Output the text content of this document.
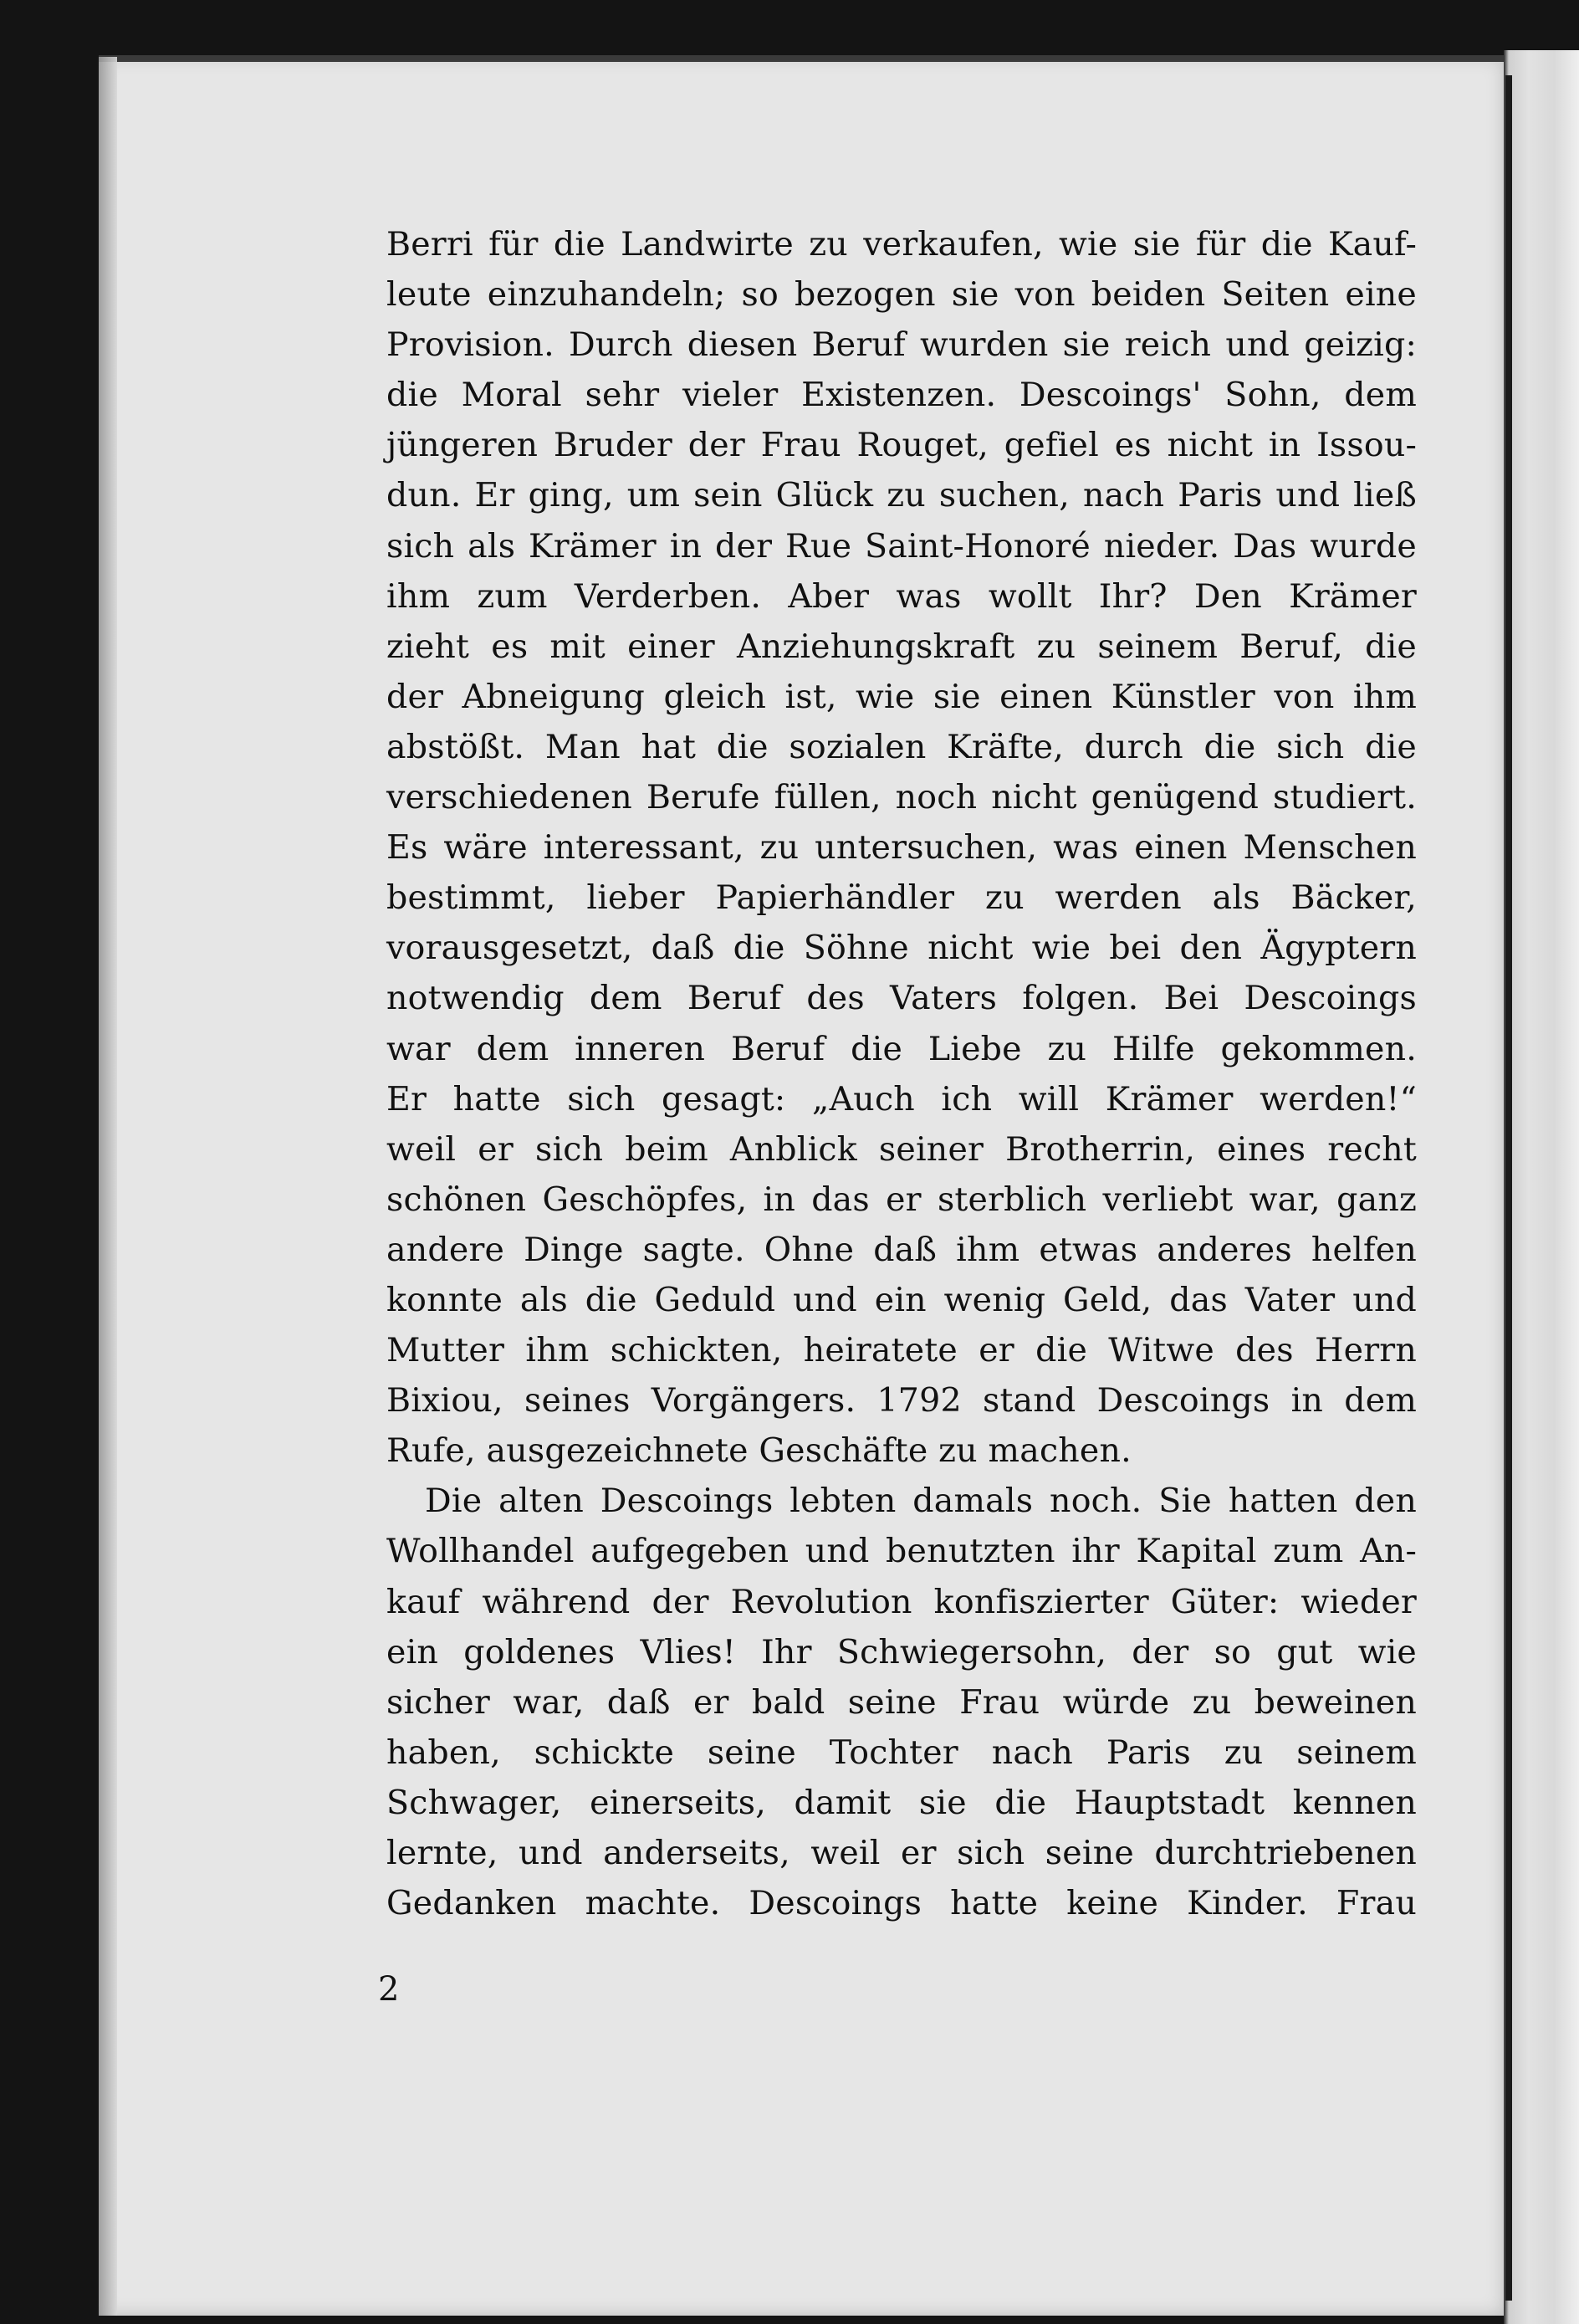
Berri für die Landwirte zu verkaufen, wie sie für die Kauf-
leute einzuhandeln; so bezogen sie von beiden Seiten eine
Provision. Durch diesen Beruf wurden sie reich und geizig:
die Moral sehr vieler Existenzen. Descoings' Sohn, dem
jüngeren Bruder der Frau Rouget, gefiel es nicht in Issou-
dun. Er ging, um sein Glück zu suchen, nach Paris und ließ
sich als Krämer in der Rue Saint-Honoré nieder. Das wurde
ihm zum Verderben. Aber was wollt Ihr? Den Krämer
zieht es mit einer Anziehungskraft zu seinem Beruf, die
der Abneigung gleich ist, wie sie einen Künstler von ihm
abstößt. Man hat die sozialen Kräfte, durch die sich die
verschiedenen Berufe füllen, noch nicht genügend studiert.
Es wäre interessant, zu untersuchen, was einen Menschen
bestimmt, lieber Papierhändler zu werden als Bäcker,
vorausgesetzt, daß die Söhne nicht wie bei den Ägyptern
notwendig dem Beruf des Vaters folgen. Bei Descoings
war dem inneren Beruf die Liebe zu Hilfe gekommen.
Er hatte sich gesagt: „Auch ich will Krämer werden!“
weil er sich beim Anblick seiner Brotherrin, eines recht
schönen Geschöpfes, in das er sterblich verliebt war, ganz
andere Dinge sagte. Ohne daß ihm etwas anderes helfen
konnte als die Geduld und ein wenig Geld, das Vater und
Mutter ihm schickten, heiratete er die Witwe des Herrn
Bixiou, seines Vorgängers. 1792 stand Descoings in dem
Rufe, ausgezeichnete Geschäfte zu machen.
Die alten Descoings lebten damals noch. Sie hatten den
Wollhandel aufgegeben und benutzten ihr Kapital zum An-
kauf während der Revolution konfiszierter Güter: wieder
ein goldenes Vlies! Ihr Schwiegersohn, der so gut wie
sicher war, daß er bald seine Frau würde zu beweinen
haben, schickte seine Tochter nach Paris zu seinem
Schwager, einerseits, damit sie die Hauptstadt kennen
lernte, und anderseits, weil er sich seine durchtriebenen
Gedanken machte. Descoings hatte keine Kinder. Frau
2
